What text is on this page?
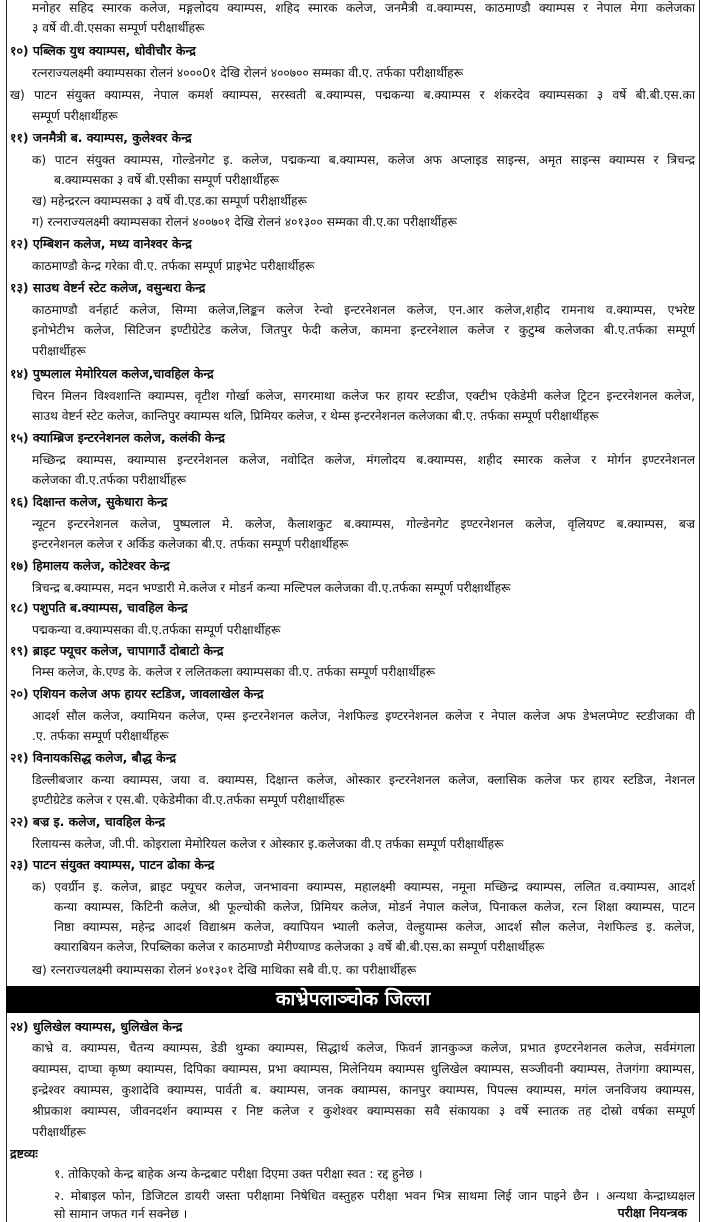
मनोहर सहिद स्मारक कलेज, मङ्गलोदय क्याम्पस, शहिद स्मारक कलेज, जनमैत्री व.क्याम्पस, काठमाण्डौ क्याम्पस र नेपाल मेगा कलेजका
३ वर्षे वी.वी.एसका सम्पूर्ण परीक्षार्थीहरू
१०) पब्लिक युथ क्याम्पस, धोवीचौर केन्द्र
रत्नराज्यलक्ष्मी क्याम्पसका रोलनं ४०००0१ देखि रोलनं ४००७०० सम्मका वी.ए. तर्फका परीक्षार्थीहरू
ख) पाटन संयुक्त क्याम्पस, नेपाल कमर्श क्याम्पस, सरस्वती ब.क्याम्पस, पद्मकन्या ब.क्याम्पस र शंकरदेव क्याम्पसका ३ वर्षे बी.बी.एस.का
सम्पूर्ण परीक्षार्थीहरू
११) जनमैत्री ब. क्याम्पस, कुलेश्वर केन्द्र
क) पाटन संयुक्त क्याम्पस, गोल्डेनगेट इ. कलेज, पद्मकन्या ब.क्याम्पस, कलेज अफ अप्लाइड साइन्स, अमृत साइन्स क्याम्पस र त्रिचन्द्र
ब.क्याम्पसका ३ वर्षे बी.एसीका सम्पूर्ण परीक्षार्थीहरू
ख) महेन्द्ररत्न क्याम्पसका ३ वर्षे वी.एड.का सम्पूर्ण परीक्षार्थीहरू
ग) रत्नराज्यलक्ष्मी क्याम्पसका रोलनं ४००७०१ देखि रोलनं ४०१३०० सम्मका वी.ए.का परीक्षार्थीहरू
१२) एम्बिशन कलेज, मध्य वानेश्वर केन्द्र
काठमाण्डौ केन्द्र गरेका वी.ए. तर्फका सम्पूर्ण प्राइभेट परीक्षार्थीहरू
१३) साउथ वेष्टर्न स्टेट कलेज, वसुन्धरा केन्द्र
काठमाण्डौ वर्नहार्ट कलेज, सिग्मा कलेज,लिङ्कन कलेज रेन्वो इन्टरनेशनल कलेज, एन.आर कलेज,शहीद रामनाथ व.क्याम्पस, एभरेष्ट
इनोभेटीभ कलेज, सिटिजन इण्टीग्रेटेड कलेज, जितपुर फेदी कलेज, कामना इन्टरनेशाल कलेज र कुटुम्ब कलेजका बी.ए.तर्फका सम्पूर्ण
परीक्षार्थीहरू
१४) पुष्पलाल मेमोरियल कलेज,चावहिल केन्द्र
चिरन मिलन विश्वशान्ति क्याम्पस, वृटीश गोर्खा कलेज, सगरमाथा कलेज फर हायर स्टडीज, एक्टीभ एकेडेमी कलेज ट्रिटन इन्टरनेशनल कलेज,
साउथ वेष्टर्न स्टेट कलेज, कान्तिपुर क्याम्पस थलि, प्रिमियर कलेज, र थेम्स इन्टरनेशनल कलेजका बी.ए. तर्फका सम्पूर्ण परीक्षार्थीहरू
१५) क्याम्ब्रिज इन्टरनेशनल कलेज, कलंकी केन्द्र
मच्छिन्द्र क्याम्पस, क्याम्पास इन्टरनेशनल कलेज, नवोदित कलेज, मंगलोदय ब.क्याम्पस, शहीद स्मारक कलेज र मोर्गन इण्टरनेशनल
कलेजका वी.ए.तर्फका परीक्षार्थीहरू
१६) दिक्षान्त कलेज, सुकेधारा केन्द्र
न्यूटन इन्टरनेशनल कलेज, पुष्पलाल मे. कलेज, कैलाशकुट ब.क्याम्पस, गोल्डेनगेट इण्टरनेशनल कलेज, वृलियण्ट ब.क्याम्पस, बज्र
इन्टरनेशनल कलेज र अर्किड कलेजका बी.ए. तर्फका सम्पूर्ण परीक्षार्थीहरू
१७) हिमालय कलेज, कोटेश्वर केन्द्र
त्रिचन्द्र ब.क्याम्पस, मदन भण्डारी मे.कलेज र मोडर्न कन्या मल्टिपल कलेजका वी.ए.तर्फका सम्पूर्ण परीक्षार्थीहरू
१८) पशुपति ब.क्याम्पस, चावहिल केन्द्र
पद्मकन्या व.क्याम्पसका वी.ए.तर्फका सम्पूर्ण परीक्षार्थीहरू
१९) ब्राइट फ्यूचर कलेज, चापागाउँ दोबाटो केन्द्र
निम्स कलेज, के.एण्ड के. कलेज र ललितकला क्याम्पसका वी.ए. तर्फका सम्पूर्ण परीक्षार्थीहरू
२०) एशियन कलेज अफ हायर स्टडिज, जावलाखेल केन्द्र
आदर्श सौल कलेज, क्यामियन कलेज, एम्स इन्टरनेशनल कलेज, नेशफिल्ड इण्टरनेशनल कलेज र नेपाल कलेज अफ डेभलप्मेण्ट स्टडीजका वी
.ए. तर्फका सम्पूर्ण परीक्षार्थीहरू
२१) विनायकसिद्ध कलेज, बौद्ध केन्द्र
डिल्लीबजार कन्या क्याम्पस, जया व. क्याम्पस, दिक्षान्त कलेज, ओस्कार इन्टरनेशनल कलेज, क्लासिक कलेज फर हायर स्टडिज, नेशनल
इण्टीग्रेटेड कलेज र एस.बी. एकेडेमीका वी.ए.तर्फका सम्पूर्ण परीक्षार्थीहरू
२२) बज्र इ. कलेज, चावहिल केन्द्र
रिलायन्स कलेज, जी.पी. कोइराला मेमोरियल कलेज र ओस्कार इ.कलेजका वी.ए तर्फका सम्पूर्ण परीक्षार्थीहरू
२३) पाटन संयुक्त क्याम्पस, पाटन ढोका केन्द्र
क) एवर्ग्रीन इ. कलेज, ब्राइट फ्यूचर कलेज, जनभावना क्याम्पस, महालक्ष्मी क्याम्पस, नमूना मच्छिन्द्र क्याम्पस, ललित व.क्याम्पस, आदर्श
कन्या क्याम्पस, किटिनी कलेज, श्री फूल्चोकी कलेज, प्रिमियर कलेज, मोडर्न नेपाल कलेज, पिनाकल कलेज, रत्न शिक्षा क्याम्पस, पाटन
निष्ठा क्याम्पस, महेन्द्र आदर्श विद्याश्रम कलेज, क्यापियन भ्याली कलेज, वेल्हुयाम्स कलेज, आदर्श सौल कलेज, नेशफिल्ड इ. कलेज,
क्याराबियन कलेज, रिपब्लिका कलेज र काठमाण्डौ मेरीण्याण्ड कलेजका ३ वर्षे बी.बी.एस.का सम्पूर्ण परीक्षार्थीहरू
ख) रत्नराज्यलक्ष्मी क्याम्पसका रोलनं ४०१३०१ देखि माथिका सबै वी.ए. का परीक्षार्थीहरू
२४) धुलिखेल क्याम्पस, धुलिखेल केन्द्र
काभ्रे व. क्याम्पस, चैतन्य क्याम्पस, डेडी थुम्का क्याम्पस, सिद्धार्थ कलेज, फिवर्न ज्ञानकुञ्ज कलेज, प्रभात इण्टरनेशनल कलेज, सर्वमंगला
क्याम्पस, दाप्चा कृष्ण क्याम्पस, दिपिका क्याम्पस, प्रभा क्याम्पस, मिलेनियम क्याम्पस धुलिखेल क्याम्पस, सञ्जीवनी क्याम्पस, तेजगंगा क्याम्पस,
इन्द्रेश्वर क्याम्पस, कुशादेवि क्याम्पस, पार्वती ब. क्याम्पस, जनक क्याम्पस, कानपुर क्याम्पस, पिपल्स क्याम्पस, मगंल जनविजय क्याम्पस,
श्रीप्रकाश क्याम्पस, जीवनदर्शन क्याम्पस र निष्ट कलेज र कुशेश्वर क्याम्पसका सवै संकायका ३ वर्षे स्नातक तह दोस्रो वर्षका सम्पूर्ण
परीक्षार्थीहरू
द्रष्टव्यः
१. तोकिएको केन्द्र बाहेक अन्य केन्द्रबाट परीक्षा दिएमा उक्त परीक्षा स्वत : रद्द हुनेछ ।
२. मोबाइल फोन, डिजिटल डायरी जस्ता परीक्षामा निषेधित वस्तुहरु परीक्षा भवन भित्र साथमा लिई जान पाइने छैन । अन्यथा केन्द्राध्यक्षल
सो सामान जफत गर्न सक्नेछ ।
काभ्रेपलाञ्चोक जिल्ला
परीक्षा नियन्त्रक
